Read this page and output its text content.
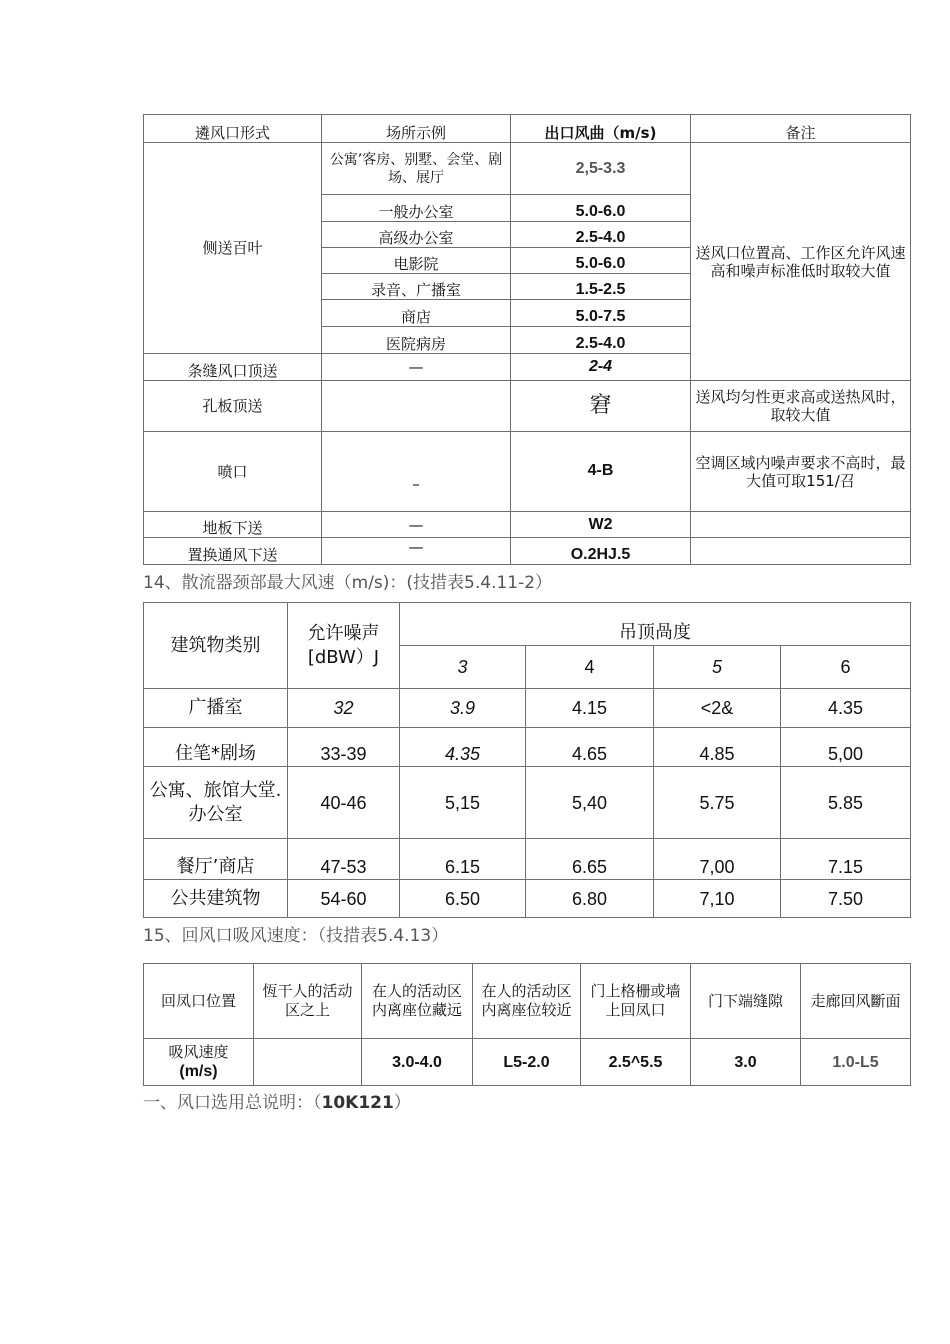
遴风口形式	场所示例	出口风曲（m/s)	备注
侧送百叶	公寓’客房、别墅、会堂、剧场、展厅	2,5-3.3	送风口位置高、工作区允许风速高和噪声标准低时取较大值
	一般办公室	5.0-6.0	
	高级办公室	2.5-4.0	
	电影院	5.0-6.0	
	录音、广播室	1.5-2.5	
	商店	5.0-7.5	
	医院病房	2.5-4.0	
条缝风口顶送	—	2-4	
孔板顶送		窘	送风均匀性更求高或送热风时，取较大值
喷口	–	4-B	空调区域内噪声要求不高时，最大值可取151/召
地板下送	—	W2	
置换通风下送	—	O.2HJ.5	
14、散流器颈部最大风速（m/s)：(技措表5.4.11-2）
建筑物类别	允许噪声[dBW）J	吊顶咼度			
		3	4	5	6
广播室	32	3.9	4.15	<2&	4.35
住笔*剧场	33-39	4.35	4.65	4.85	5,00
公寓、旅馆大堂. 办公室	40-46	5,15	5,40	5.75	5.85
餐厅’商店	47-53	6.15	6.65	7,00	7.15
公共建筑物	54-60	6.50	6.80	7,10	7.50
15、回风口吸风速度：（技措表5.4.13）
回凤口位置	恆干人的活动区之上	在人的活动区内离座位藏远	在人的活动区内离座位较近	门上格栅或墙上回凤口	门下端缝隙	走廊回风斷面

吸风速度
(m/s)		3.0-4.0	L5-2.0	2.5^5.5	3.0	1.0-L5
一、风口选用总说明：（10K121）
